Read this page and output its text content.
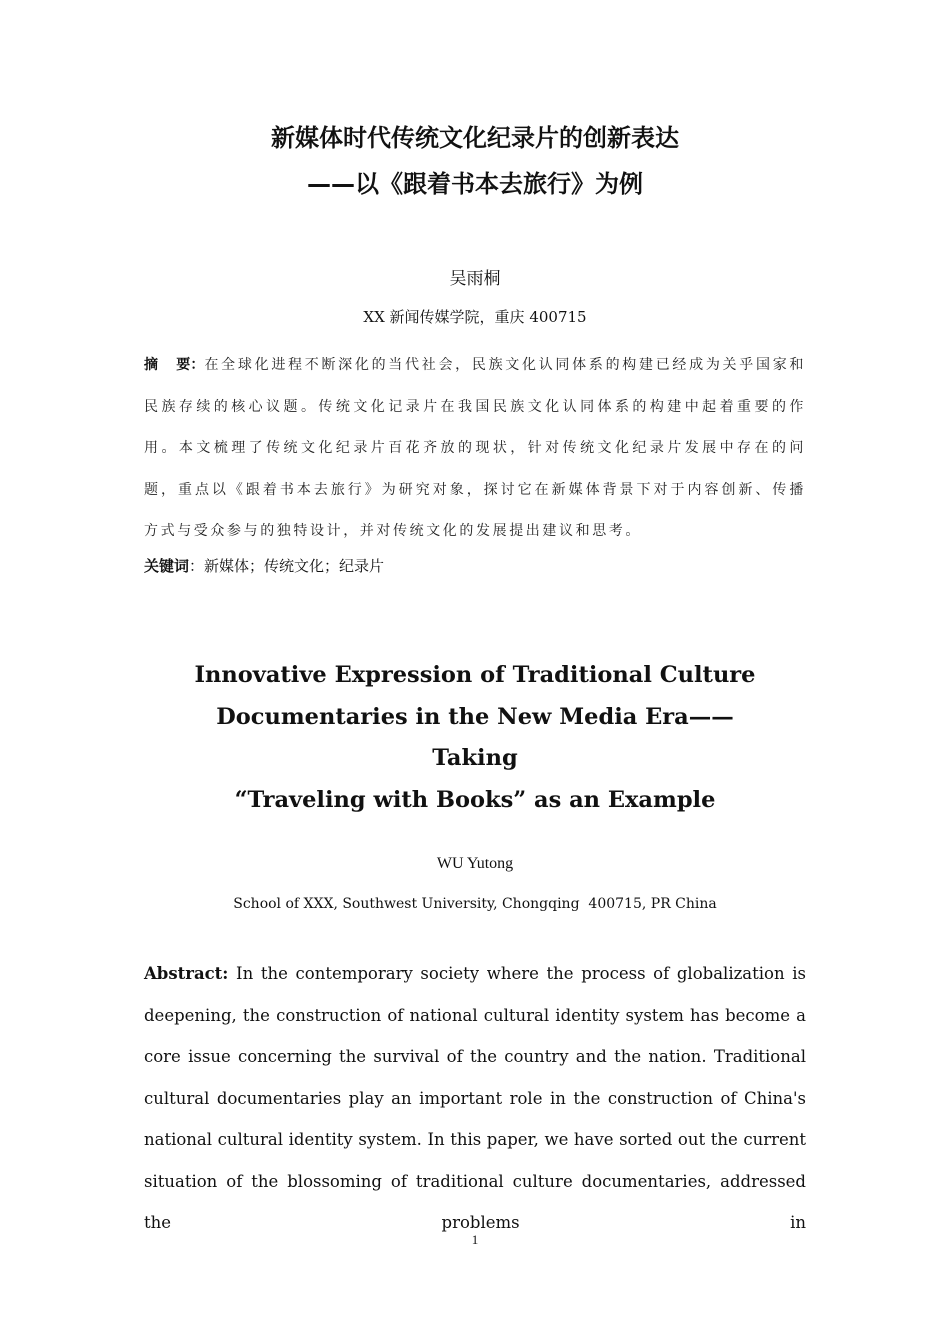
新媒体时代传统文化纪录片的创新表达
——以《跟着书本去旅行》为例
吴雨桐
XX 新闻传媒学院，重庆 400715
摘 要：在全球化进程不断深化的当代社会，民族文化认同体系的构建已经成为关乎国家和民族存续的核心议题。传统文化记录片在我国民族文化认同体系的构建中起着重要的作用。本文梳理了传统文化纪录片百花齐放的现状，针对传统文化纪录片发展中存在的问题，重点以《跟着书本去旅行》为研究对象，探讨它在新媒体背景下对于内容创新、传播方式与受众参与的独特设计，并对传统文化的发展提出建议和思考。
关键词：新媒体；传统文化；纪录片
Innovative Expression of Traditional Culture
Documentaries in the New Media Era——Taking
“Traveling with Books” as an Example
WU Yutong
School of XXX, Southwest University, Chongqing  400715, PR China
Abstract: In the contemporary society where the process of globalization is deepening, the construction of national cultural identity system has become a core issue concerning the survival of the country and the nation. Traditional cultural documentaries play an important role in the construction of China's national cultural identity system. In this paper, we have sorted out the current situation of the blossoming of traditional culture documentaries, addressed the problems in
1
